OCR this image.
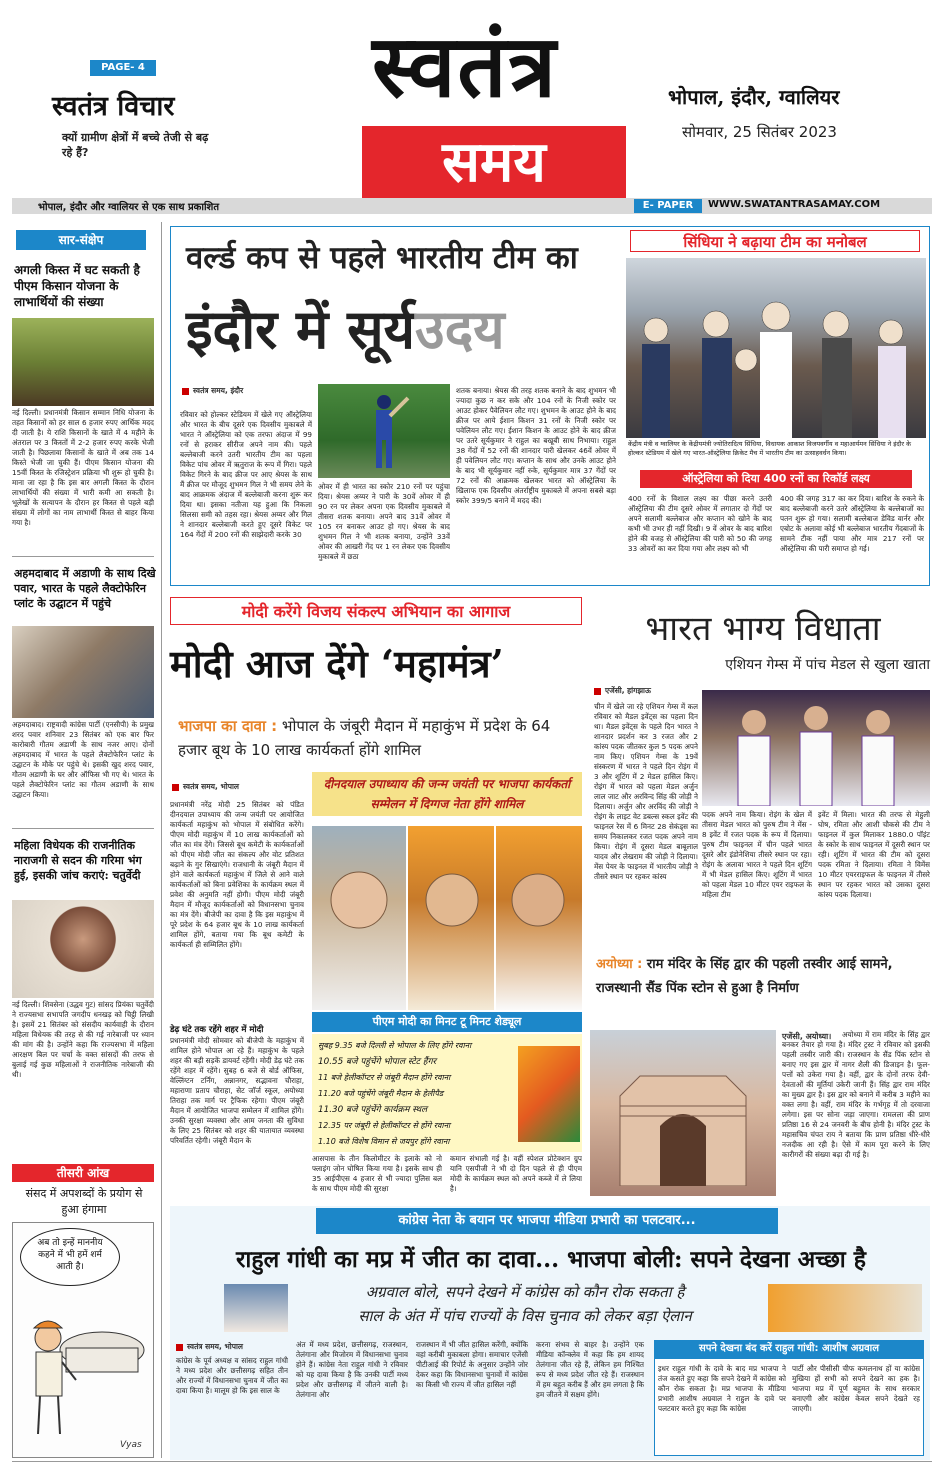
PAGE- 4
स्वतंत्र विचार
क्यों ग्रामीण क्षेत्रों में बच्चे तेजी से बढ़ रहे हैं?
स्वतंत्र
समय
भोपाल, इंदौर, ग्वालियर
सोमवार, 25 सितंबर 2023
भोपाल, इंदौर और ग्वालियर से एक साथ प्रकाशित	E- PAPER	WWW.SWATANTRASAMAY.COM
सार-संक्षेप
अगली किस्त में घट सकती है पीएम किसान योजना के लाभार्थियों की संख्या
नई दिल्ली। प्रधानमंत्री किसान सम्मान निधि योजना के तहत किसानों को हर साल 6 हजार रुपए आर्थिक मदद दी जाती है। ये राशि किसानों के खाते में 4 महीने के अंतराल पर 3 किस्तों में 2-2 हजार रुपए करके भेजी जाती है। पिछलावा किसानों के खाते में अब तक 14 किस्ते भेजी जा चुकी हैं। पीएम किसान योजना की 15वीं किस्त के रजिस्ट्रेशन प्रक्रिया भी शुरू हो चुकी है। माना जा रहा है कि इस बार अगली किस्त के दौरान लाभार्थियों की संख्या में भारी कमी आ सकती है। भूलेखों के सत्यापन के दौरान हर किस्त से पहले बड़ी संख्या में लोगों का नाम लाभार्थी किस्त से बाहर किया गया है।
अहमदाबाद में अडाणी के साथ दिखे पवार, भारत के पहले लैक्टोफेरिन प्लांट के उद्घाटन में पहुंचे
अहमदाबाद। राष्ट्रवादी कांग्रेस पार्टी (एनसीपी) के प्रमुख शरद पवार शनिवार 23 सितंबर को एक बार फिर कारोबारी गौतम अडाणी के साथ नजर आए। दोनों अहमदाबाद में भारत के पहले लैक्टोफेरिन प्लांट के उद्घाटन के मौके पर पहुंचे थे। इसकी खुद शरद पवार, गौतम अडाणी के घर और ऑफिस भी गए थे। भारत के पहले लैक्टोफेरिन प्लांट का गौतम अडाणी के साथ उद्घाटन किया।
महिला विधेयक की राजनीतिक नाराजगी से सदन की गरिमा भंग हुई, इसकी जांच कराएं: चतुर्वेदी
नई दिल्ली। शिवसेना (उद्धव गुट) सांसद प्रियंका चतुर्वेदी ने राज्यसभा सभापति जगदीप धनखड़ को चिट्ठी लिखी है। इसमें 21 सितंबर को संसदीय कार्यवाही के दौरान महिला विधेयक की तरह से की गई नारेबाजी पर ध्यान की मांग की है। उन्होंने कहा कि राज्यसभा में महिला आरक्षण बिल पर चर्चा के वक्त सांसदों की तरफ से बुलाई गई कुछ महिलाओं ने राजनीतिक नारेबाजी की थी।
तीसरी आंख
संसद में अपशब्दों के प्रयोग से हुआ हंगामा
अब तो इन्हें माननीय कहने में भी हमें शर्म आती है।
Vyas
वर्ल्ड कप से पहले भारतीय टीम का
इंदौर में सूर्यउदय
स्वतंत्र समय, इंदौर
रविवार को होल्कर स्टेडियम में खेले गए ऑस्ट्रेलिया और भारत के बीच दूसरे एक दिवसीय मुकाबले में भारत ने ऑस्ट्रेलिया को एक तरफा अंदाज में 99 रनों से हराकर सीरीज अपने नाम की। पहले बल्लेबाजी करने उतरी भारतीय टीम का पहला विकेट पांच ओवर में ऋतुराज के रूप में गिरा। पहले विकेट गिरने के बाद क्रीज पर आए श्रेयस के साथ मैं क्रीज पर मौजूद शुभमन गिल ने भी समय लेने के बाद आक्रमक अंदाज में बल्लेबाजी करना शुरू कर दिया था। इसका नतीजा यह हुआ कि निकला सिलसा समी को तहस रहा। श्रेयस अय्यर और गिल ने शानदार बल्लेबाजी करते हुए दूसरे विकेट पर 164 गेंदों में 200 रनों की साझेदारी करके 30
ओवर में ही भारत का स्कोर 210 रनों पर पहुंचा दिया। श्रेयस अय्यर ने पारी के 30वें ओवर में ही 90 रन पर लेकर अपना एक दिवसीय मुकाबले में तीसरा शतक बनाया। अपने बाद 31वें ओवर में 105 रन बनाकर आउट हो गए। श्रेयस के बाद शुभमन गिल ने भी शतक बनाया, उन्होंने 33वें ओवर की आखरी गेंद पर 1 रन लेकर एक दिवसीय मुकाबले में छठा
शतक बनाया। श्रेयस की तरह शतक बनाने के बाद शुभमन भी ज्यादा कुछ न कर सके और 104 रनों के निजी स्कोर पर आउट होकर पैवेलियन लौट गए। शुभमन के आउट होने के बाद क्रीज पर आये ईशान किशन 31 रनों के निजी स्कोर पर पवेलियन लौट गए। ईशान किशन के आउट होने के बाद क्रीज पर उतरे सूर्यकुमार ने राहुल का बखूबी साथ निभाया। राहुल 38 गेंदों में 52 रनों की शानदार पारी खेलकर 46वें ओवर में ही पवेलियन लौट गए। कप्तान के साथ और उनके आउट होने के बाद भी सूर्यकुमार नहीं रुके, सूर्यकुमार मात्र 37 गेंदों पर 72 रनों की आक्रमक खेलकर भारत को ऑस्ट्रेलिया के खिलाफ एक दिवसीय अंतर्राष्ट्रीय मुकाबले में अपना सबसे बड़ा स्कोर 399/5 बनाने में मदद की।
सिंधिया ने बढ़ाया टीम का मनोबल
केंद्रीय मंत्री व ग्वालियर के केंद्रीयमंत्री ज्योतिरादित्य सिंधिया, विधायक आकाश विजयवर्गीय व महाआर्यमन सिंधिया ने इंदौर के होल्कर स्टेडियम में खेले गए भारत-ऑस्ट्रेलिया क्रिकेट मैच में भारतीय टीम का उत्साहवर्धन किया।
ऑस्ट्रेलिया को दिया 400 रनों का रिकॉर्ड लक्ष्य
400 रनों के विशाल लक्ष्य का पीछा करने उतरी ऑस्ट्रेलिया की टीम दूसरे ओवर में लगातार दो गेंदों पर अपने सलामी बल्लेबाज और कप्तान को खोने के बाद कभी भी उभर ही नहीं दिखी। 9 वें ओवर के बाद बारिश होने की वजह से ऑस्ट्रेलिया की पारी को 50 की जगह 33 ओवरों का कर दिया गया और लक्ष्य को भी
400 की जगह 317 का कर दिया। बारिश के रुकने के बाद बल्लेबाजी करने उतरे ऑस्ट्रेलिया के बल्लेबाजों का पतन शुरू हो गया। सलामी बल्लेबाज डेविड वार्नर और एबोट के अलावा कोई भी बल्लेबाज भारतीय गेंदबाजों के सामने टीक नहीं पाया और मात्र 217 रनों पर ऑस्ट्रेलिया की पारी समाप्त हो गई।
मोदी करेंगे विजय संकल्प अभियान का आगाज
मोदी आज देंगे ‘महामंत्र’
भाजपा का दावा : भोपाल के जंबूरी मैदान में महाकुंभ में प्रदेश के 64 हजार बूथ के 10 लाख कार्यकर्ता होंगे शामिल
स्वतंत्र समय, भोपाल
प्रधानमंत्री नरेंद्र मोदी 25 सितंबर को पंडित दीनदयाल उपाध्याय की जन्म जयंती पर आयोजित कार्यकर्ता महाकुंभ को भोपाल में संबोधित करेंगे। पीएम मोदी महाकुंभ में 10 लाख कार्यकर्ताओं को जीत का मंत्र देंगे। जिससे बूथ कमेटी के कार्यकर्ताओं को पीएम मोदी जीत का संकल्प और वोट प्रतिशत बढ़ाने के गुर सिखाएंगे। राजधानी के जंबूरी मैदान में होने वाले कार्यकर्ता महाकुंभ में जिले से आने वाले कार्यकर्ताओं को बिना प्रवेशिका के कार्यक्रम स्थल में प्रवेश की अनुमति नहीं होगी। पीएम मोदी जंबूरी मैदान में मौजूद कार्यकर्ताओं को विधानसभा चुनाव का मंत्र देंगे। बीजेपी का दावा है कि इस महाकुंभ में पूरे प्रदेश के 64 हजार बूथ के 10 लाख कार्यकर्ता शामिल होंगे, बताया गया कि बूथ कमेटी के कार्यकर्ता ही सम्मिलित होंगे।
डेढ़ घंटे तक रहेंगे शहर में मोदी
प्रधानमंत्री मोदी सोमवार को बीजेपी के महाकुंभ में शामिल होने भोपाल आ रहे हैं। महाकुंभ के पहले शहर की बड़ी सड़कें डायवर्ट रहेंगी। मोदी डेढ़ घंटे तक रहेंगे शहर में रहेंगे। सुबह 6 बजे से बोर्ड ऑफिस, वेल्लिंग्टन टर्निंग, अन्नानगर, सद्भावना चौराहा, महाराणा प्रताप चौराहा, सेट जॉर्ज स्कूल, अयोध्या तिराहा तक मार्ग पर ट्रैफिक रहेगा। पीएम जंबूरी मैदान में आयोजित भाजपा सम्मेलन में शामिल होंगे। उनकी सुरक्षा व्यवस्था और आम जनता की सुविधा के लिए 25 सितंबर को शहर की यातायात व्यवस्था परिवर्तित रहेगी। जंबूरी मैदान के
दीनदयाल उपाध्याय की जन्म जयंती पर भाजपा कार्यकर्ता सम्मेलन में दिग्गज नेता होंगे शामिल
पीएम मोदी का मिनट टू मिनट शेड्यूल
सुबह 9.35 बजे दिल्ली से भोपाल के लिए होंगे रवाना
10.55 बजे पहुंचेंगे भोपाल स्टेट हैंगर
11 बजे हेलीकॉप्टर से जंबूरी मैदान होंगे रवाना
11.20 बजे पहुंचेंगे जंबूरी मैदान के हेलीपैड
11.30 बजे पहुंचेंगे कार्यक्रम स्थल
12.35 पर जंबूरी से हेलीकॉप्टर से होंगे रवाना
1.10 बजे विशेष विमान से जयपुर होंगे रवाना
आसपास के तीन किलोमीटर के इलाके को नो फ्लाइंग जोन घोषित किया गया है। इसके साथ ही 35 आईपीएस 4 हजार से भी ज्यादा पुलिस बल के साथ पीएम मोदी की सुरक्षा
कमान संभाली गई है। वहीं स्पेशल प्रोटेक्शन ग्रुप यानि एसपीजी ने भी दो दिन पहले से ही पीएम मोदी के कार्यक्रम स्थल को अपने कब्जे में ले लिया है।
भारत भाग्य विधाता
एशियन गेम्स में पांच मेडल से खुला खाता
एजेंसी, हांगझाऊ
चीन में खेले जा रहे एशियन गेम्स में कल रविवार को मैडल इवेंट्स का पहला दिन था। मैडल इवेंट्स के पहले दिन भारत ने शानदार प्रदर्शन कर 3 रजत और 2 कांस्य पदक जीतकर कुल 5 पदक अपने नाम किए। एशियन गेम्स के 19वें संस्करण में भारत ने पहले दिन रोइंग में 3 और शूटिंग में 2 मेडल हासिल किए। रोइंग में भारत को पहला मेडल अर्जुन लाल जाट और अरविन्द सिंह की जोड़ी ने दिलाया। अर्जुन और अरविंद की जोड़ी ने रोइंग के लाइट वेट डबल्स स्कल इवेंट की फाइनल रेस में 6 मिनट 28 सेकंड्स का समय निकालकर रजत पदक अपने नाम किया। रोइंग में दूसरा मेडल बाबूलाल यादव और लेखराम की जोड़ी ने दिलाया। मेंस पेयर के फाइनल में भारतीय जोड़ी ने तीसरे स्थान पर रहकर कांस्य
पदक अपने नाम किया। रोइंग के खेल में तीसरा मेडल भारत को पुरुष टीम ने मेंस - 8 इवेंट में रजत पदक के रूप में दिलाया। पुरुष टीम फाइनल में चीन पहले भारत दूसरे और इंडोनेशिया तीसरे स्थान पर रहा। रोइंग के अलावा भारत ने पहले दिन शूटिंग में भी मेडल हासिल किए। शूटिंग में भारत को पहला मेडल 10 मीटर एयर राइफल के महिला टीम
इवेंट में मिला। भारत की तरफ से मेहुली घोष, रमिता और आशी चौकसे की टीम ने फाइनल में कुल मिलाकर 1880.0 पॉइंट के स्कोर के साथ फाइनल में दूसरी स्थान पर रही। शूटिंग में भारत की टीम को दूसरा पदक रमिता ने दिलाया। रमिता ने विमेंस 10 मीटर एयरराइफल के फाइनल में तीसरे स्थान पर रहकर भारत को उसका दूसरा कांस्य पदक दिलाया।
अयोध्या : राम मंदिर के सिंह द्वार की पहली तस्वीर आई सामने, राजस्थानी सैंड पिंक स्टोन से हुआ है निर्माण
एजेंसी, अयोध्या।	अयोध्या में राम मंदिर के सिंह द्वार बनकर तैयार हो गया है। मंदिर ट्रस्ट ने रविवार को इसकी पहली तस्वीर जारी की। राजस्थान के सैंड पिंक स्टोन से बनाए गए इस द्वार में नागर शैली की डिजाइन है। फूल-पत्तों को उकेरा गया है। वहीं, द्वार के दोनों तरफ देवी-देवताओं की मूर्तियां उकेरी जानी हैं। सिंह द्वार राम मंदिर का मुख्य द्वार है। इस द्वार को बनाने में करीब 3 महीने का वक्त लगा है। वहीं, राम मंदिर के गर्भगृह में तो दरवाजा लगेगा। इस पर सोना जड़ा जाएगा। रामलला की प्राण प्रतिष्ठा 16 से 24 जनवरी के बीच होनी है। मंदिर ट्रस्ट के महासचिव चंपत राय ने बताया कि प्राण प्रतिष्ठा धीरे-धीरे नजदीक आ रही है। ऐसे में काम पूरा करने के लिए कारीगरों की संख्या बढ़ा दी गई है।
कांग्रेस नेता के बयान पर भाजपा मीडिया प्रभारी का पलटवार...
राहुल गांधी का मप्र में जीत का दावा... भाजपा बोली: सपने देखना अच्छा है
अग्रवाल बोले, सपने देखने में कांग्रेस को कौन रोक सकता है
साल के अंत में पांच राज्यों के विस चुनाव को लेकर बड़ा ऐलान
स्वतंत्र समय, भोपाल
कांग्रेस के पूर्व अध्यक्ष व सांसद राहुल गांधी ने मध्य प्रदेश और छत्तीसगढ़ सहित तीन और राज्यों में विधानसभा चुनाव में जीत का दावा किया है। मालूम हो कि इस साल के
अंत में मध्य प्रदेश, छत्तीसगढ़, राजस्थान, तेलंगाना और मिजोरम में विधानसभा चुनाव होने हैं। कांग्रेस नेता राहुल गांधी ने रविवार को यह दावा किया है कि उनकी पार्टी मध्य प्रदेश और छत्तीसगढ़ में जीतने वाली है। तेलंगाना और
राजस्थान में भी जीत हासिल करेंगी, क्योंकि वहां करीबी मुकाबला होगा। समाचार एजेंसी पीटीआई की रिपोर्ट के अनुसार उन्होंने जोर देकर कहा कि विधानसभा चुनावों में कांग्रेस का किसी भी राज्य में जीत हासिल नहीं
करना संभव से बाहर है। उन्होंने एक मीडिया कॉन्क्लेव में कहा कि हम शायद तेलंगाना जीत रहे हैं, लेकिन हम निश्चित रूप से मध्य प्रदेश जीत रहे हैं। राजस्थान में हम बहुत करीब हैं और हम लगता है कि हम जीतने में सक्षम होंगे।
सपने देखना बंद करें राहुल गांधी: आशीष अग्रवाल
इधर राहुल गांधी के दावे के बाद मप्र भाजपा ने तंज कसते हुए कहा कि सपने देखने में कांग्रेस को कौन रोक सकता है। मप्र भाजपा के मीडिया प्रभारी आशीष अग्रवाल ने राहुल के दावे पर पलटवार करते हुए कहा कि कांग्रेस
पार्टी और पीसीसी चीफ कमलनाथ हों या कांग्रेस मुखिया हों सभी को सपने देखने का हक है। भाजपा मप्र में पूर्ण बहुमत के साथ सरकार बनाएगी और कांग्रेस केवल सपने देखते रह जाएगी।
